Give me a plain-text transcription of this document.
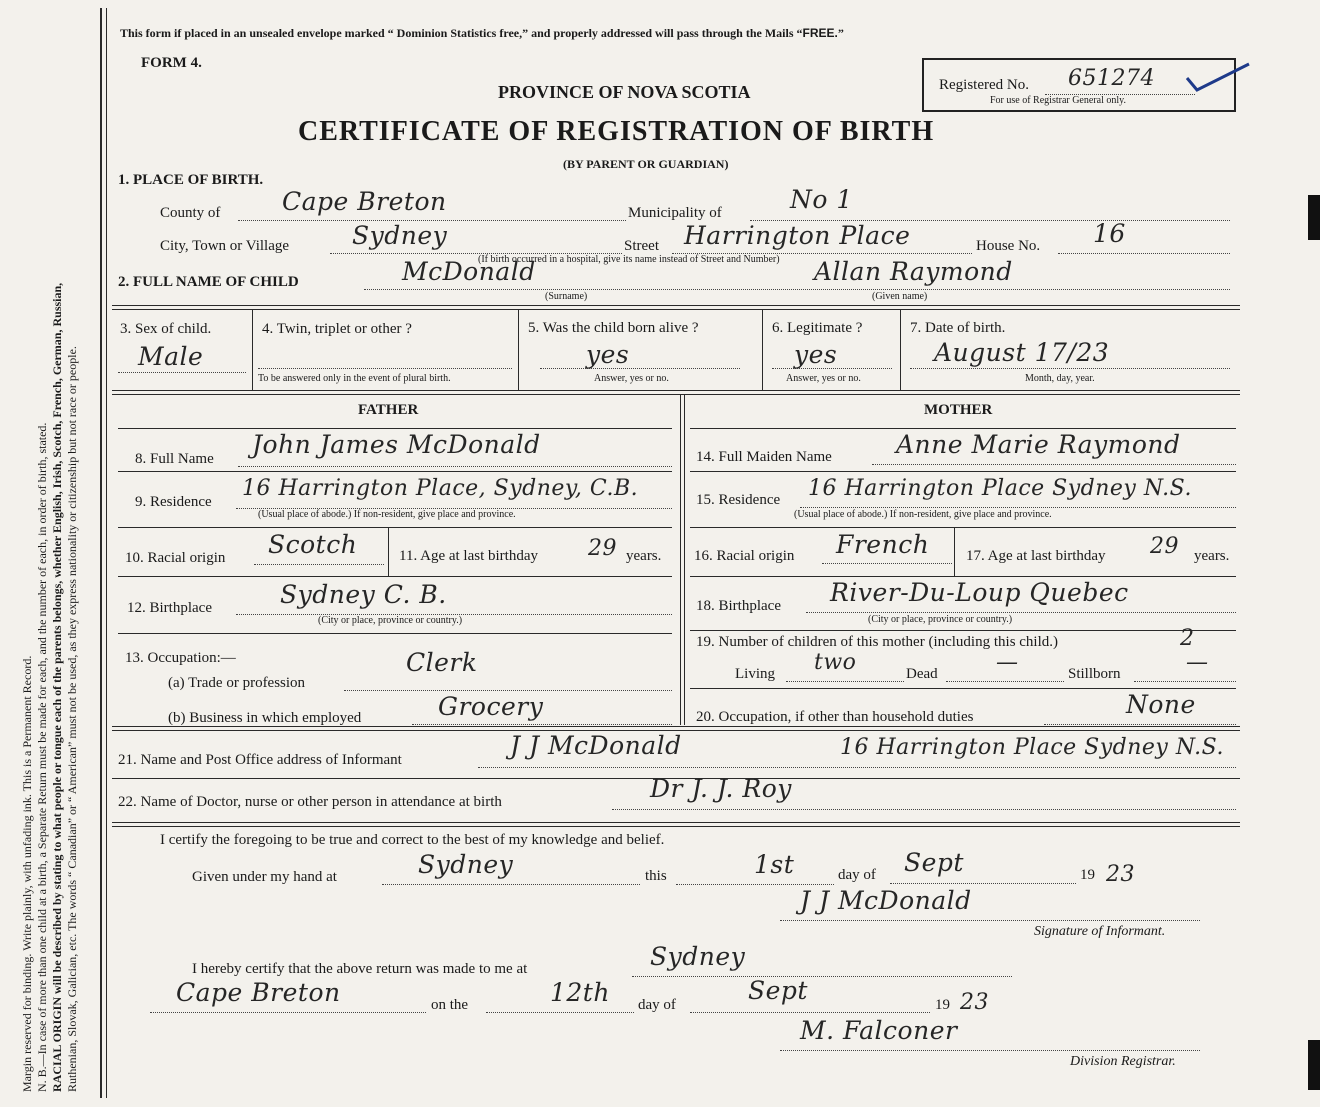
Margin reserved for binding. Write plainly, with unfading ink. This is a Permanent Record. N. B.—In case of more than one child at a birth, a Separate Return must be made for each, and the number of each, in order of birth, stated. RACIAL ORIGIN will be described by stating to what people or tongue each of the parents belongs, whether English, Irish, Scotch, French, German, Russian, Ruthenian, Slovak, Galician, etc. The words “ Canadian” or “ American” must not be used, as they express nationality or citizenship but not race or people.
This form if placed in an unsealed envelope marked “ Dominion Statistics free,” and properly addressed will pass through the Mails “FREE.”
FORM 4.
PROVINCE OF NOVA SCOTIA
CERTIFICATE OF REGISTRATION OF BIRTH
(BY PARENT OR GUARDIAN)
Registered No. 651274
For use of Registrar General only.
1. PLACE OF BIRTH.
County of Cape Breton	Municipality of	No 1
City, Town or Village	Sydney	Street Harrington Place	House No. 16
(If birth occurred in a hospital, give its name instead of Street and Number)
2. FULL NAME OF CHILD	McDonald	Allan Raymond
(Surname)	(Given name)
3. Sex of child.
Male
4. Twin, triplet or other ?
To be answered only in the event of plural birth.
5. Was the child born alive ?
yes
Answer, yes or no.
6. Legitimate ?
yes
Answer, yes or no.
7. Date of birth.
August 17/23
Month, day, year.
FATHER	MOTHER
8. Full Name John James McDonald
9. Residence
16 Harrington Place, Sydney, C.B.
(Usual place of abode.) If non-resident, give place and province.
10. Racial origin Scotch	11. Age at last birthday 29 years.
12. Birthplace	Sydney C. B.
(City or place, province or country.)
13. Occupation:—
(a) Trade or profession
Clerk
(b) Business in which employed	Grocery
14. Full Maiden Name	Anne Marie Raymond
15. Residence 16 Harrington Place Sydney N.S.
(Usual place of abode.) If non-resident, give place and province.
16. Racial origin French 17. Age at last birthday 29 years.
18. Birthplace River-Du-Loup Quebec
(City or place, province or country.)
19. Number of children of this mother (including this child.)	2
Living two	Dead	—	Stillborn	—
20. Occupation, if other than household duties	None
21. Name and Post Office address of Informant	J J McDonald	16 Harrington Place Sydney N.S.
22. Name of Doctor, nurse or other person in attendance at birth	Dr J. J. Roy
I certify the foregoing to be true and correct to the best of my knowledge and belief.
Given under my hand at	Sydney	this	1st	day of Sept	19 23
J J McDonald
Signature of Informant.
I hereby certify that the above return was made to me at	Sydney
Cape Breton	on the	12th day of	Sept	19 23
M. Falconer
Division Registrar.
